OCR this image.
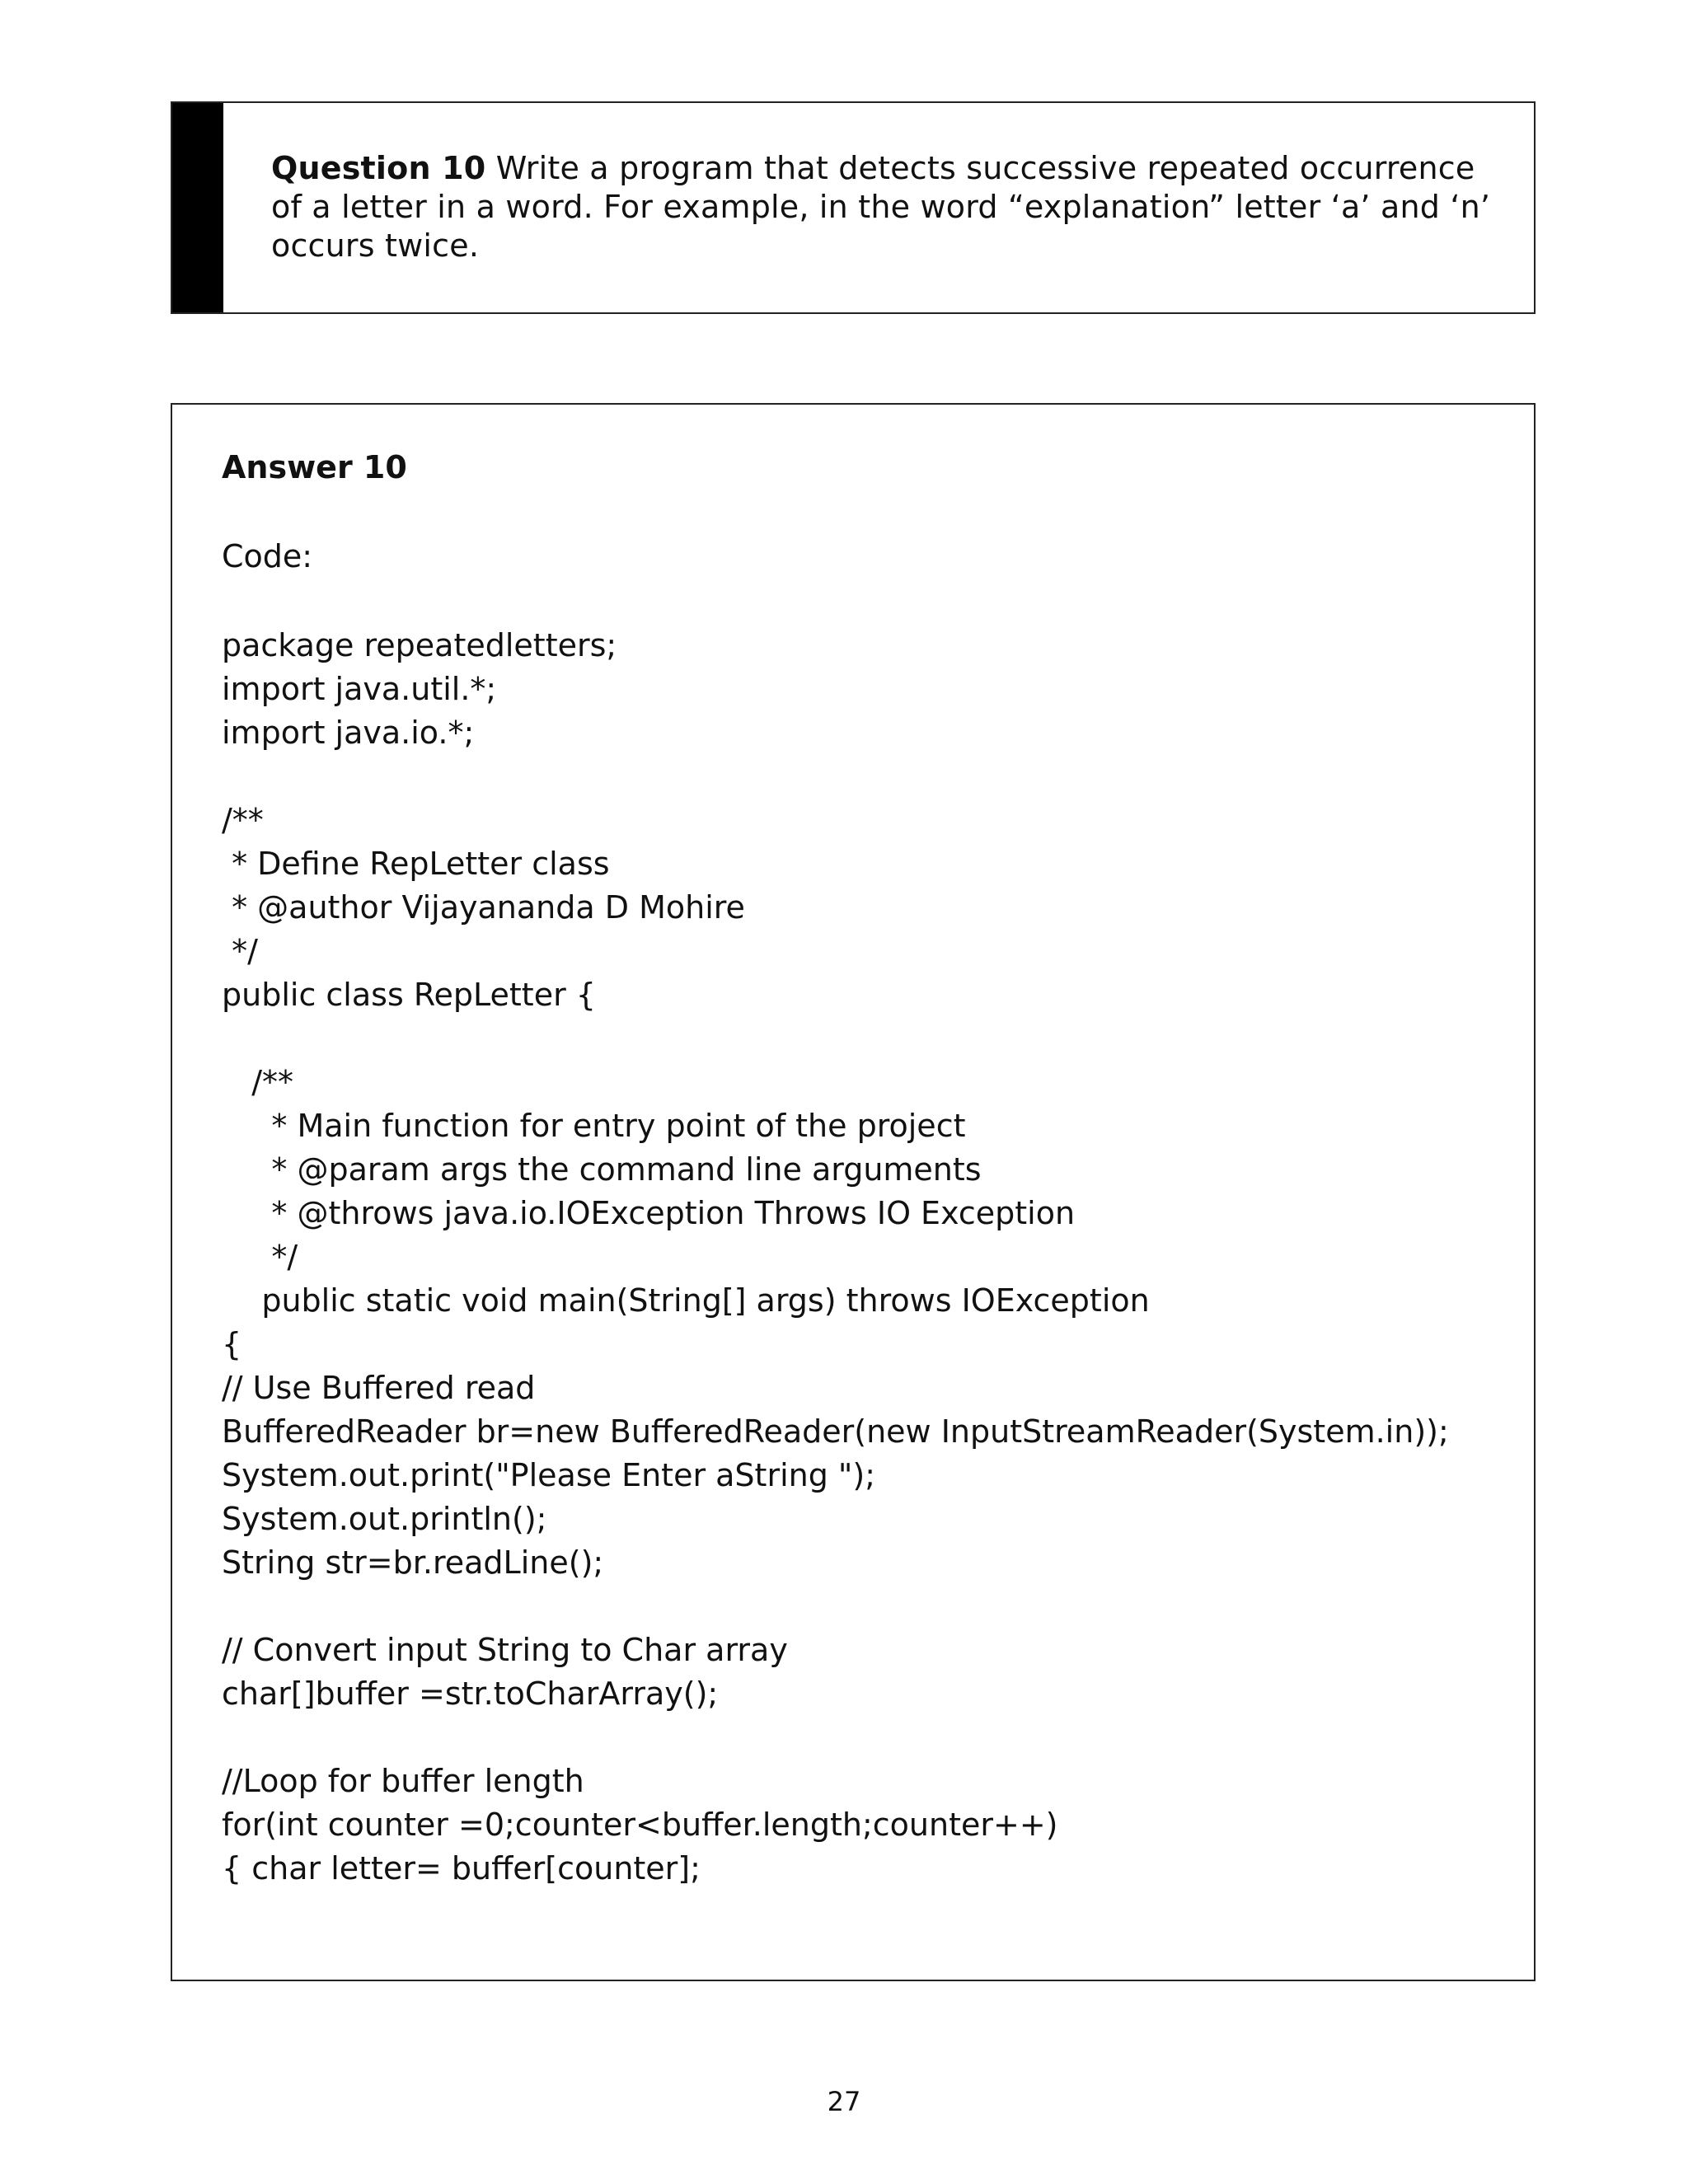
Question 10 Write a program that detects successive repeated occurrence of a letter in a word. For example, in the word “explanation” letter ‘a’ and ‘n’ occurs twice.
Answer 10
Code:
package repeatedletters;
import java.util.*;
import java.io.*;
/**
* Define RepLetter class
* @author Vijayananda D Mohire
*/
public class RepLetter {
/**
* Main function for entry point of the project
* @param args the command line arguments
* @throws java.io.IOException Throws IO Exception
*/
public static void main(String[] args) throws IOException
{
// Use Buffered read
BufferedReader br=new BufferedReader(new InputStreamReader(System.in));
System.out.print("Please Enter aString ");
System.out.println();
String str=br.readLine();
// Convert input String to Char array
char[]buffer =str.toCharArray();
//Loop for buffer length
for(int counter =0;counter<buffer.length;counter++)
{ char letter= buffer[counter];
27
